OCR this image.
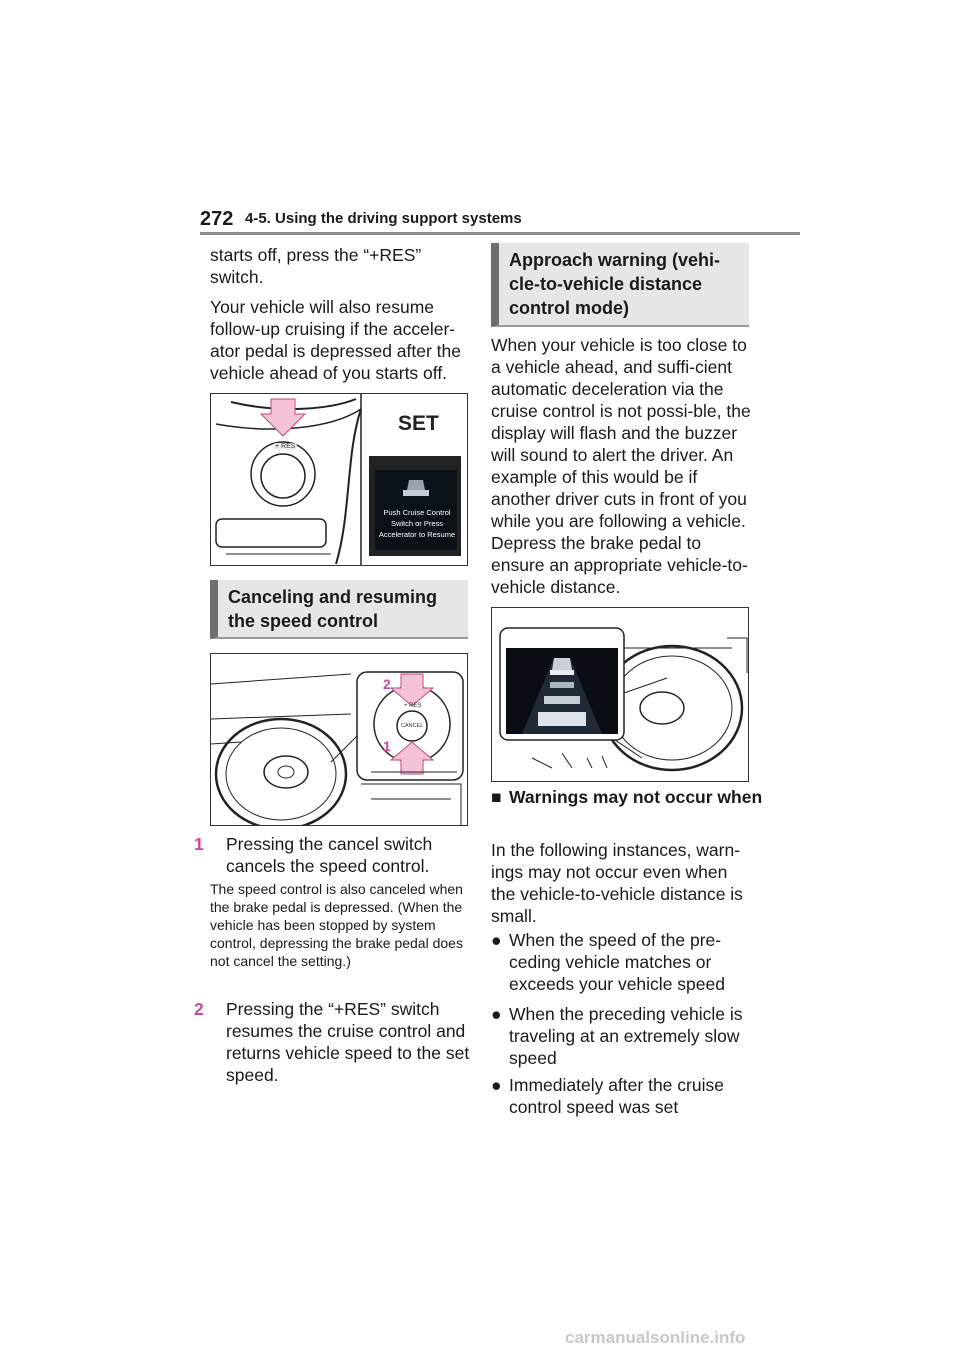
272 4-5. Using the driving support systems
starts off, press the “+RES” switch.
Your vehicle will also resume follow-up cruising if the acceler-ator pedal is depressed after the vehicle ahead of you starts off.
SET
+ RES
Push Cruise Control
Switch or Press
Accelerator to Resume
Canceling and resuming the speed control
2
1
+ RES
CANCEL
1 Pressing the cancel switch cancels the speed control.
The speed control is also canceled when the brake pedal is depressed. (When the vehicle has been stopped by system control, depressing the brake pedal does not cancel the setting.)
2 Pressing the “+RES” switch resumes the cruise control and returns vehicle speed to the set speed.
Approach warning (vehi-cle-to-vehicle distance control mode)
When your vehicle is too close to a vehicle ahead, and suffi-cient automatic deceleration via the cruise control is not possi-ble, the display will flash and the buzzer will sound to alert the driver. An example of this would be if another driver cuts in front of you while you are following a vehicle. Depress the brake pedal to ensure an appropriate vehicle-to-vehicle distance.
■ Warnings may not occur when
In the following instances, warn-ings may not occur even when the vehicle-to-vehicle distance is small.
● When the speed of the pre-ceding vehicle matches or exceeds your vehicle speed
● When the preceding vehicle is traveling at an extremely slow speed
● Immediately after the cruise control speed was set
carmanualsonline.info
